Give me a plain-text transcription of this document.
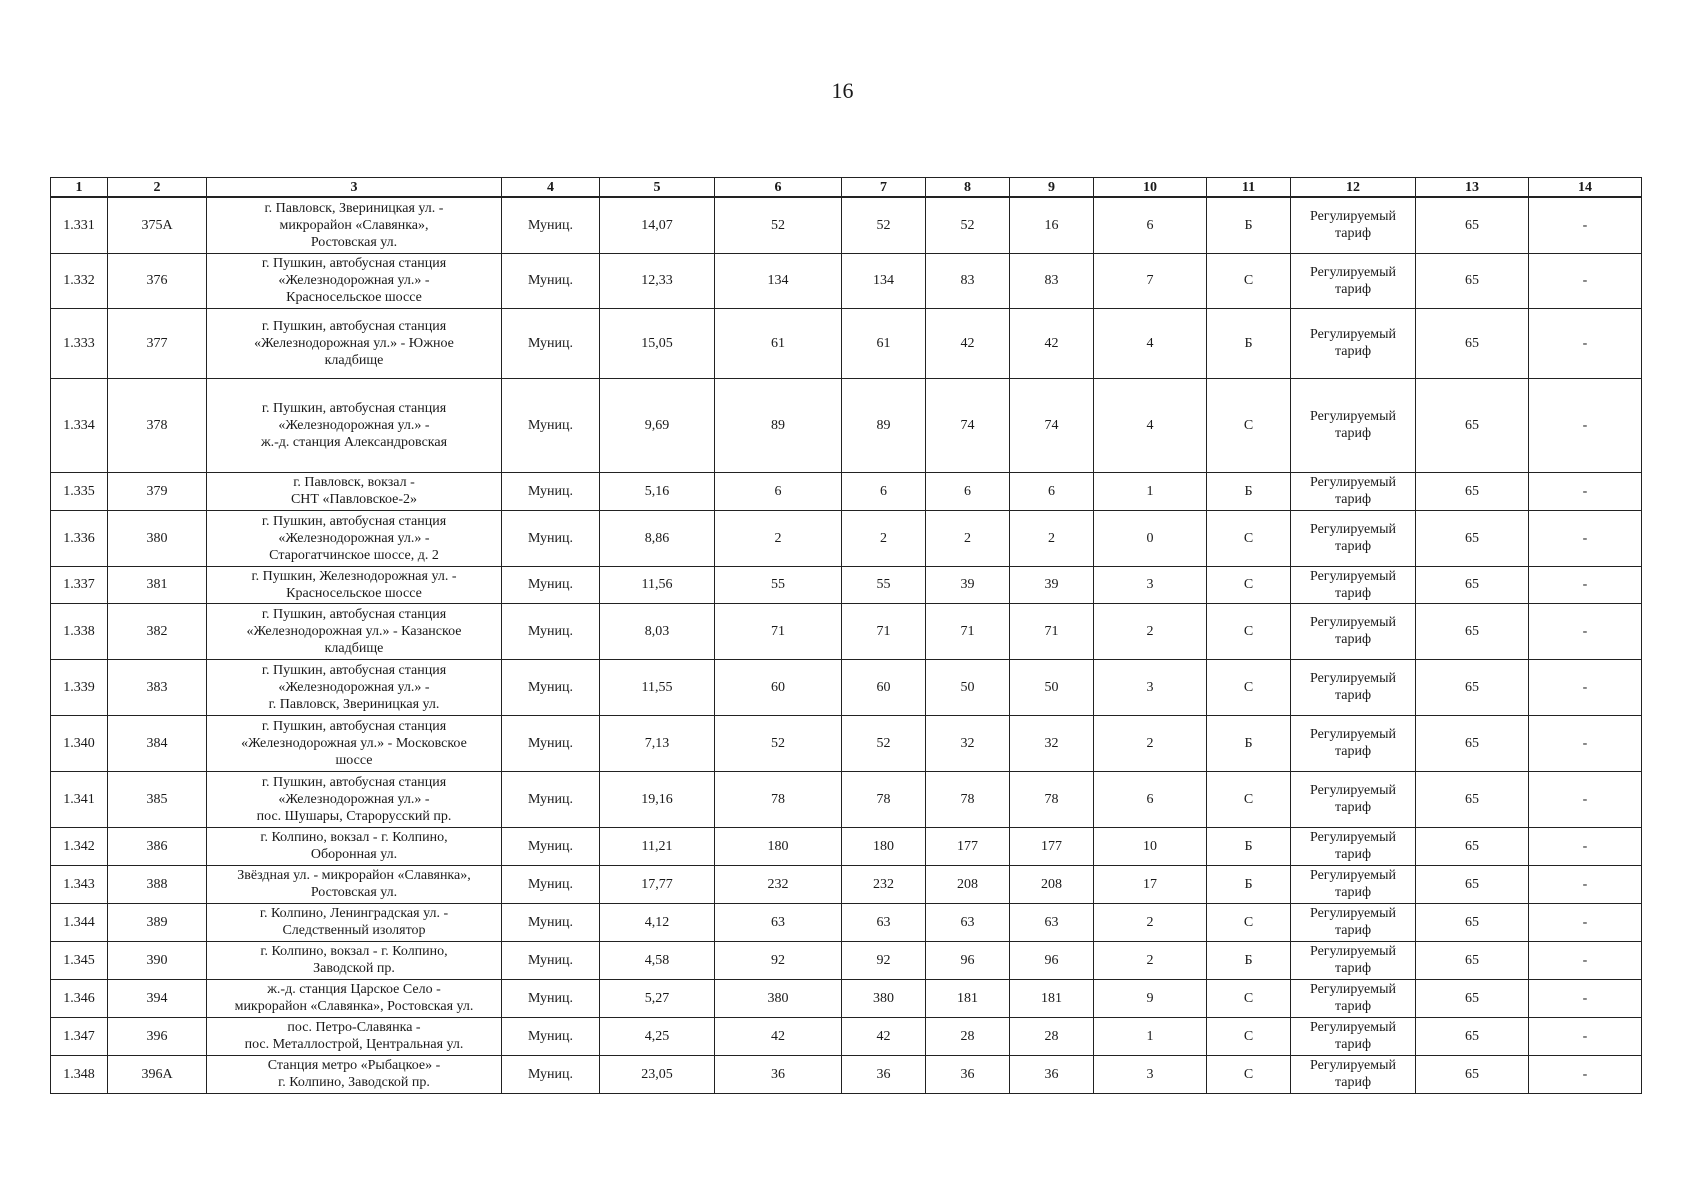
16
1	2	3	4	5	6	7	8	9	10	11	12	13	14
1.331	375А	г. Павловск, Звериницкая ул. -
микрорайон «Славянка»,
Ростовская ул.	Муниц.	14,07	52	52	52	16	6	Б	Регулируемый
тариф	65	-
1.332	376	г. Пушкин, автобусная станция
«Железнодорожная ул.» -
Красносельское шоссе	Муниц.	12,33	134	134	83	83	7	С	Регулируемый
тариф	65	-
1.333	377	г. Пушкин, автобусная станция
«Железнодорожная ул.» - Южное
кладбище	Муниц.	15,05	61	61	42	42	4	Б	Регулируемый
тариф	65	-
1.334	378	г. Пушкин, автобусная станция
«Железнодорожная ул.» -
ж.-д. станция Александровская	Муниц.	9,69	89	89	74	74	4	С	Регулируемый
тариф	65	-
1.335	379	г. Павловск, вокзал -
СНТ «Павловское-2»	Муниц.	5,16	6	6	6	6	1	Б	Регулируемый
тариф	65	-
1.336	380	г. Пушкин, автобусная станция
«Железнодорожная ул.» -
Старогатчинское шоссе, д. 2	Муниц.	8,86	2	2	2	2	0	С	Регулируемый
тариф	65	-
1.337	381	г. Пушкин, Железнодорожная ул. -
Красносельское шоссе	Муниц.	11,56	55	55	39	39	3	С	Регулируемый
тариф	65	-
1.338	382	г. Пушкин, автобусная станция
«Железнодорожная ул.» - Казанское
кладбище	Муниц.	8,03	71	71	71	71	2	С	Регулируемый
тариф	65	-
1.339	383	г. Пушкин, автобусная станция
«Железнодорожная ул.» -
г. Павловск, Звериницкая ул.	Муниц.	11,55	60	60	50	50	3	С	Регулируемый
тариф	65	-
1.340	384	г. Пушкин, автобусная станция
«Железнодорожная ул.» - Московское
шоссе	Муниц.	7,13	52	52	32	32	2	Б	Регулируемый
тариф	65	-
1.341	385	г. Пушкин, автобусная станция
«Железнодорожная ул.» -
пос. Шушары, Старорусский пр.	Муниц.	19,16	78	78	78	78	6	С	Регулируемый
тариф	65	-
1.342	386	г. Колпино, вокзал - г. Колпино,
Оборонная ул.	Муниц.	11,21	180	180	177	177	10	Б	Регулируемый
тариф	65	-
1.343	388	Звёздная ул. - микрорайон «Славянка»,
Ростовская ул.	Муниц.	17,77	232	232	208	208	17	Б	Регулируемый
тариф	65	-
1.344	389	г. Колпино, Ленинградская ул. -
Следственный изолятор	Муниц.	4,12	63	63	63	63	2	С	Регулируемый
тариф	65	-
1.345	390	г. Колпино, вокзал - г. Колпино,
Заводской пр.	Муниц.	4,58	92	92	96	96	2	Б	Регулируемый
тариф	65	-
1.346	394	ж.-д. станция Царское Село -
микрорайон «Славянка», Ростовская ул.	Муниц.	5,27	380	380	181	181	9	С	Регулируемый
тариф	65	-
1.347	396	пос. Петро-Славянка -
пос. Металлострой, Центральная ул.	Муниц.	4,25	42	42	28	28	1	С	Регулируемый
тариф	65	-
1.348	396А	Станция метро «Рыбацкое» -
г. Колпино, Заводской пр.	Муниц.	23,05	36	36	36	36	3	С	Регулируемый
тариф	65	-
